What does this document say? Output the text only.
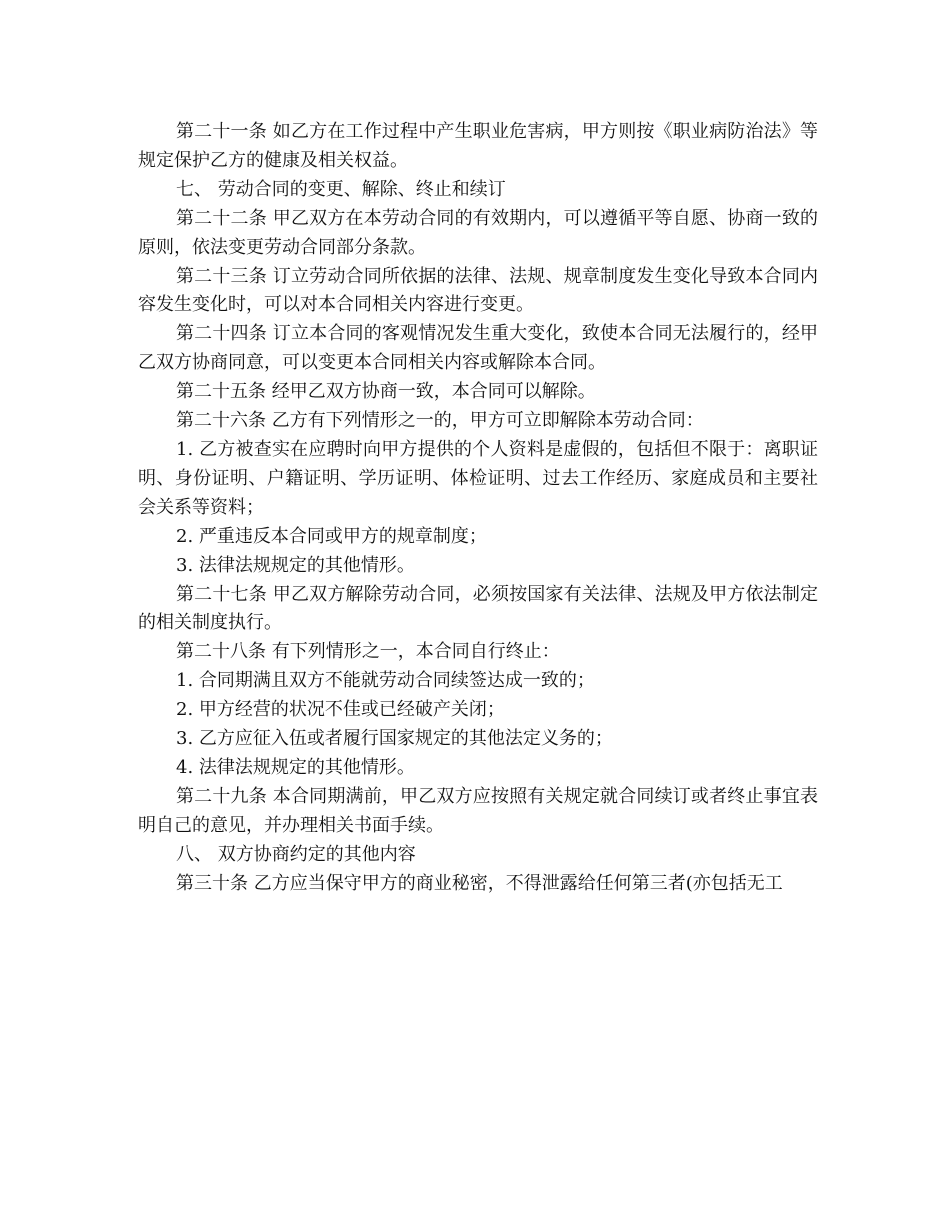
第二十一条 如乙方在工作过程中产生职业危害病，甲方则按《职业病防治法》等规定保护乙方的健康及相关权益。

七、 劳动合同的变更、解除、终止和续订

第二十二条 甲乙双方在本劳动合同的有效期内，可以遵循平等自愿、协商一致的原则，依法变更劳动合同部分条款。

第二十三条 订立劳动合同所依据的法律、法规、规章制度发生变化导致本合同内容发生变化时，可以对本合同相关内容进行变更。

第二十四条 订立本合同的客观情况发生重大变化，致使本合同无法履行的，经甲乙双方协商同意，可以变更本合同相关内容或解除本合同。

第二十五条 经甲乙双方协商一致，本合同可以解除。

第二十六条 乙方有下列情形之一的，甲方可立即解除本劳动合同：

1. 乙方被查实在应聘时向甲方提供的个人资料是虚假的，包括但不限于：离职证明、身份证明、户籍证明、学历证明、体检证明、过去工作经历、家庭成员和主要社会关系等资料；

2. 严重违反本合同或甲方的规章制度；

3. 法律法规规定的其他情形。

第二十七条 甲乙双方解除劳动合同，必须按国家有关法律、法规及甲方依法制定的相关制度执行。

第二十八条 有下列情形之一，本合同自行终止：

1. 合同期满且双方不能就劳动合同续签达成一致的；

2. 甲方经营的状况不佳或已经破产关闭；

3. 乙方应征入伍或者履行国家规定的其他法定义务的；

4. 法律法规规定的其他情形。

第二十九条 本合同期满前，甲乙双方应按照有关规定就合同续订或者终止事宜表明自己的意见，并办理相关书面手续。

八、 双方协商约定的其他内容

第三十条 乙方应当保守甲方的商业秘密，不得泄露给任何第三者(亦包括无工
